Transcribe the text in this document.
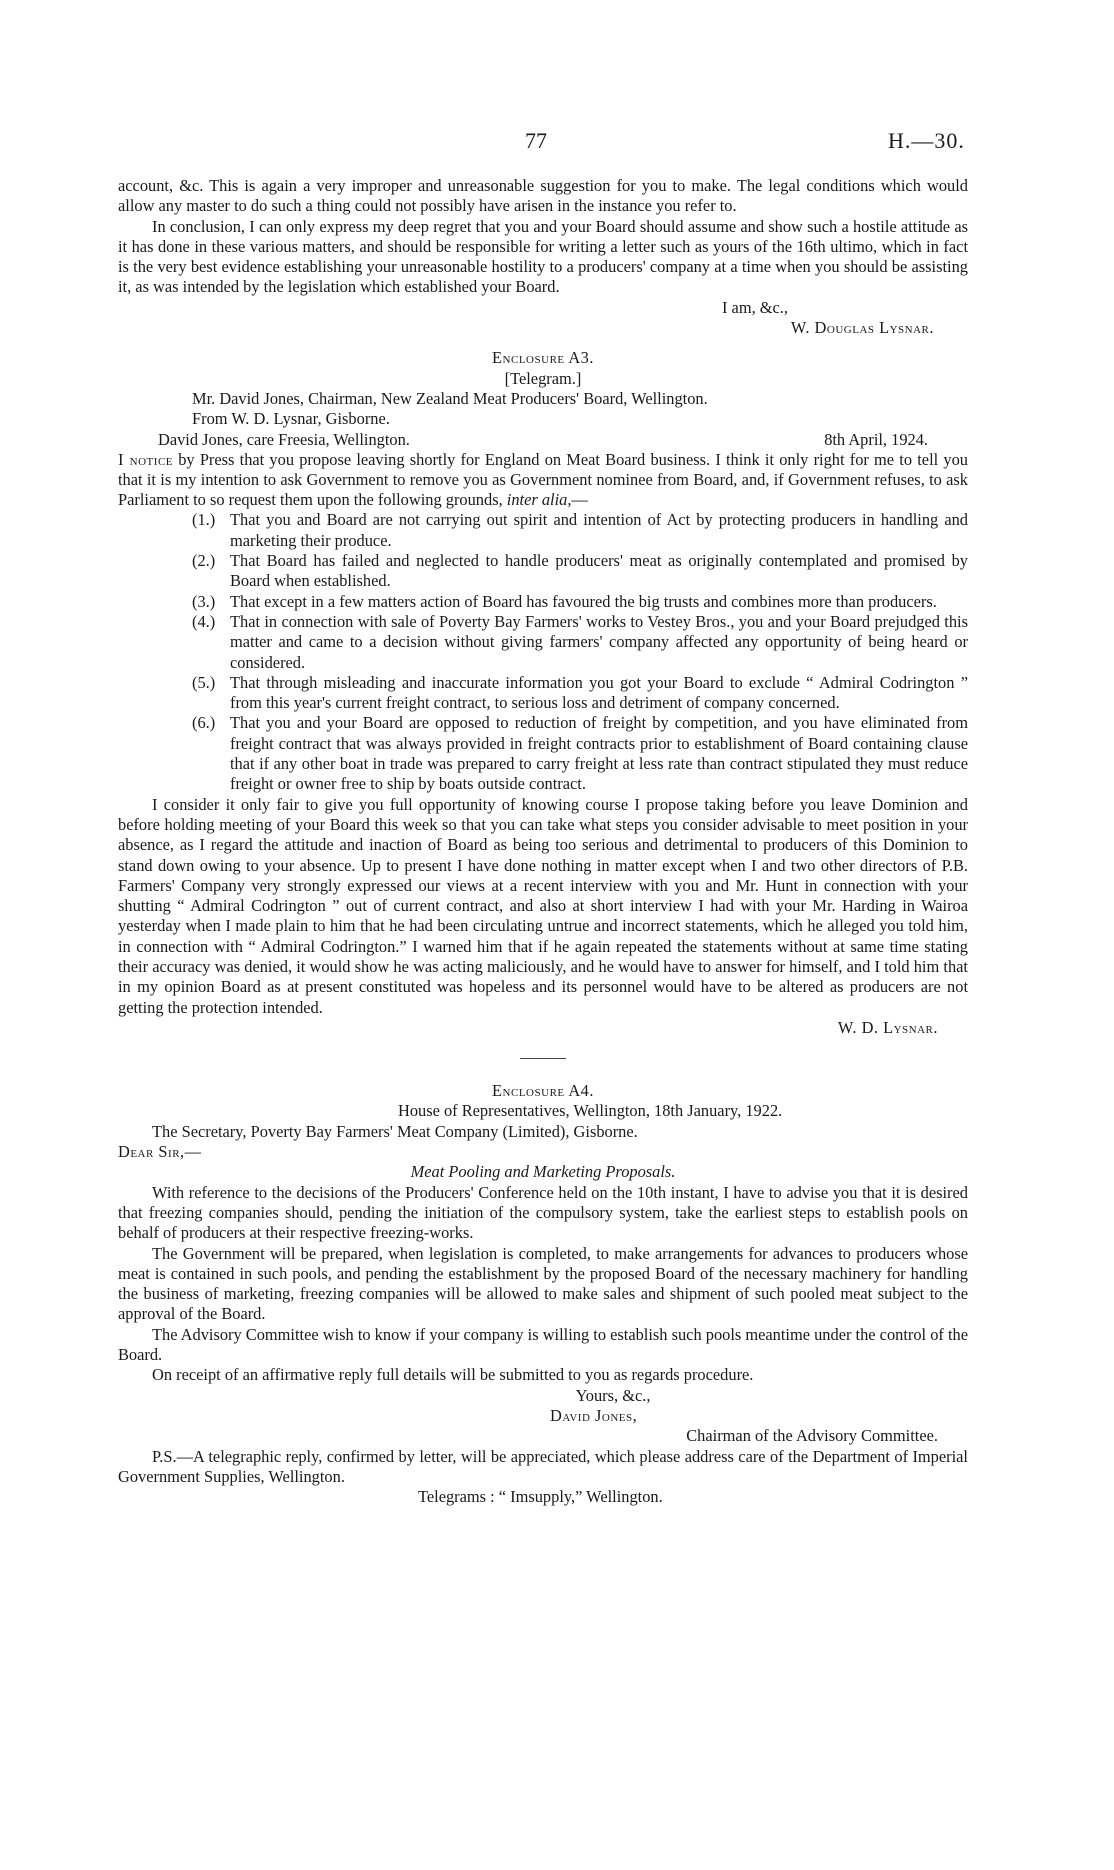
77	H.—30.

account, &c. This is again a very improper and unreasonable suggestion for you to make. The legal conditions which would allow any master to do such a thing could not possibly have arisen in the instance you refer to.

In conclusion, I can only express my deep regret that you and your Board should assume and show such a hostile attitude as it has done in these various matters, and should be responsible for writing a letter such as yours of the 16th ultimo, which in fact is the very best evidence establishing your unreasonable hostility to a producers' company at a time when you should be assisting it, as was intended by the legislation which established your Board.

I am, &c.,

W. Douglas Lysnar.

Enclosure A3.

[Telegram.]

Mr. David Jones, Chairman, New Zealand Meat Producers' Board, Wellington.

From W. D. Lysnar, Gisborne.

David Jones, care Freesia, Wellington.	8th April, 1924.

I notice by Press that you propose leaving shortly for England on Meat Board business. I think it only right for me to tell you that it is my intention to ask Government to remove you as Government nominee from Board, and, if Government refuses, to ask Parliament to so request them upon the following grounds, inter alia,—

(1.) That you and Board are not carrying out spirit and intention of Act by protecting producers in handling and marketing their produce.
(2.) That Board has failed and neglected to handle producers' meat as originally contemplated and promised by Board when established.
(3.) That except in a few matters action of Board has favoured the big trusts and combines more than producers.
(4.) That in connection with sale of Poverty Bay Farmers' works to Vestey Bros., you and your Board prejudged this matter and came to a decision without giving farmers' company affected any opportunity of being heard or considered.
(5.) That through misleading and inaccurate information you got your Board to exclude “ Admiral Codrington ” from this year's current freight contract, to serious loss and detriment of company concerned.
(6.) That you and your Board are opposed to reduction of freight by competition, and you have eliminated from freight contract that was always provided in freight contracts prior to establishment of Board containing clause that if any other boat in trade was prepared to carry freight at less rate than contract stipulated they must reduce freight or owner free to ship by boats outside contract.

I consider it only fair to give you full opportunity of knowing course I propose taking before you leave Dominion and before holding meeting of your Board this week so that you can take what steps you consider advisable to meet position in your absence, as I regard the attitude and inaction of Board as being too serious and detrimental to producers of this Dominion to stand down owing to your absence. Up to present I have done nothing in matter except when I and two other directors of P.B. Farmers' Company very strongly expressed our views at a recent interview with you and Mr. Hunt in connection with your shutting “ Admiral Codrington ” out of current contract, and also at short interview I had with your Mr. Harding in Wairoa yesterday when I made plain to him that he had been circulating untrue and incorrect statements, which he alleged you told him, in connection with “ Admiral Codrington.” I warned him that if he again repeated the statements without at same time stating their accuracy was denied, it would show he was acting maliciously, and he would have to answer for himself, and I told him that in my opinion Board as at present constituted was hopeless and its personnel would have to be altered as producers are not getting the protection intended.

W. D. Lysnar.

Enclosure A4.

House of Representatives, Wellington, 18th January, 1922.

The Secretary, Poverty Bay Farmers' Meat Company (Limited), Gisborne.

Dear Sir,—

Meat Pooling and Marketing Proposals.

With reference to the decisions of the Producers' Conference held on the 10th instant, I have to advise you that it is desired that freezing companies should, pending the initiation of the compulsory system, take the earliest steps to establish pools on behalf of producers at their respective freezing-works.

The Government will be prepared, when legislation is completed, to make arrangements for advances to producers whose meat is contained in such pools, and pending the establishment by the proposed Board of the necessary machinery for handling the business of marketing, freezing companies will be allowed to make sales and shipment of such pooled meat subject to the approval of the Board.

The Advisory Committee wish to know if your company is willing to establish such pools meantime under the control of the Board.

On receipt of an affirmative reply full details will be submitted to you as regards procedure.

Yours, &c.,

David Jones,

Chairman of the Advisory Committee.

P.S.—A telegraphic reply, confirmed by letter, will be appreciated, which please address care of the Department of Imperial Government Supplies, Wellington.

Telegrams : “ Imsupply,” Wellington.
